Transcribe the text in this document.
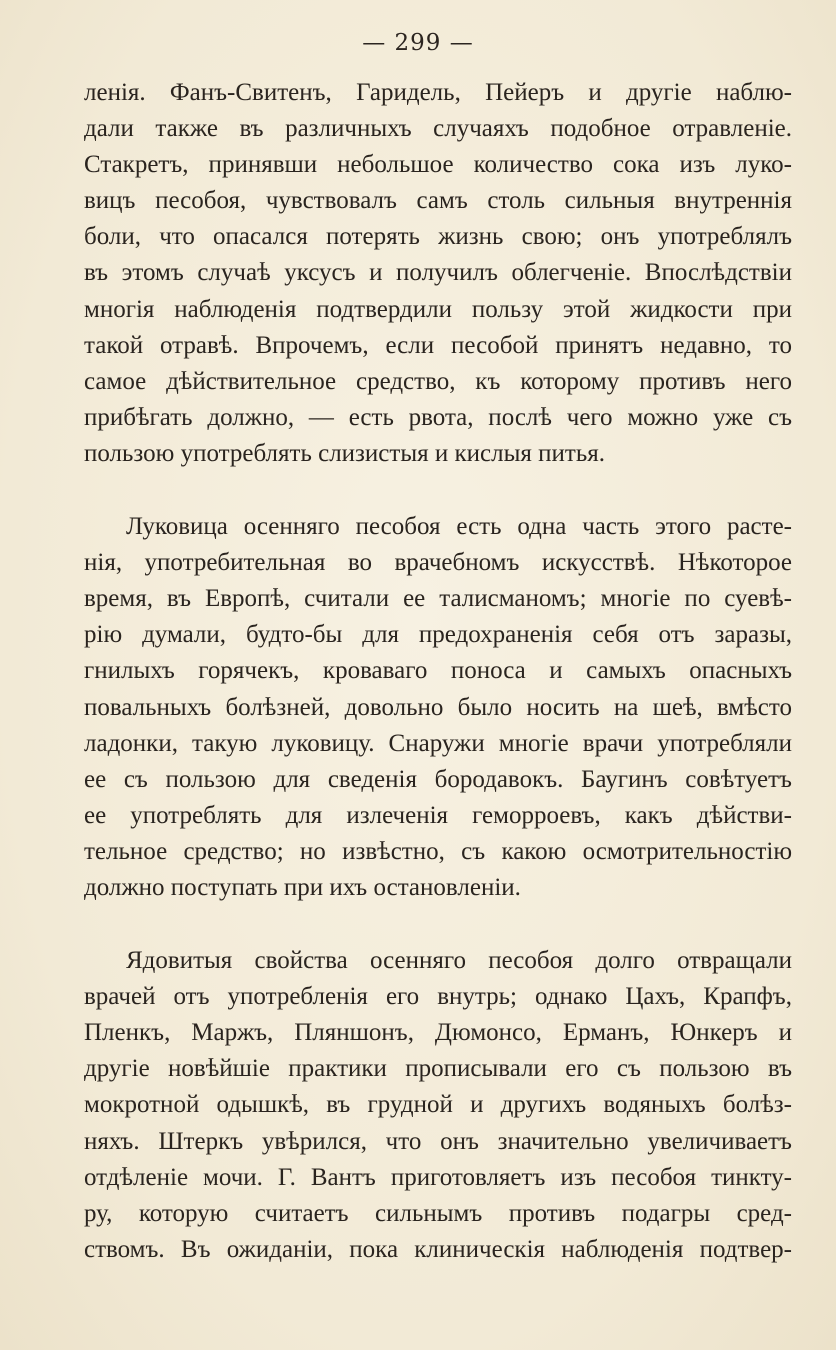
— 299 —
ленія. Фанъ-Свитенъ, Гаридель, Пейеръ и другіе наблю-
дали также въ различныхъ случаяхъ подобное отравленіе.
Стакретъ, принявши небольшое количество сока изъ луко-
вицъ песобоя, чувствовалъ самъ столь сильныя внутреннія
боли, что опасался потерять жизнь свою; онъ употреблялъ
въ этомъ случаѣ уксусъ и получилъ облегченіе. Впослѣдствіи
многія наблюденія подтвердили пользу этой жидкости при
такой отравѣ. Впрочемъ, если песобой принятъ недавно, то
самое дѣйствительное средство, къ которому противъ него
прибѣгать должно, — есть рвота, послѣ чего можно уже съ
пользою употреблять слизистыя и кислыя питья.
Луковица осенняго песобоя есть одна часть этого расте-
нія, употребительная во врачебномъ искусствѣ. Нѣкоторое
время, въ Европѣ, считали ее талисманомъ; многіе по суевѣ-
рію думали, будто-бы для предохраненія себя отъ заразы,
гнилыхъ горячекъ, кроваваго поноса и самыхъ опасныхъ
повальныхъ болѣзней, довольно было носить на шеѣ, вмѣсто
ладонки, такую луковицу. Снаружи многіе врачи употребляли
ее съ пользою для сведенія бородавокъ. Баугинъ совѣтуетъ
ее употреблять для излеченія геморроевъ, какъ дѣйстви-
тельное средство; но извѣстно, съ какою осмотрительностію
должно поступать при ихъ остановленіи.
Ядовитыя свойства осенняго песобоя долго отвращали
врачей отъ употребленія его внутрь; однако Цахъ, Крапфъ,
Пленкъ, Маржъ, Пляншонъ, Дюмонсо, Ерманъ, Юнкеръ и
другіе новѣйшіе практики прописывали его съ пользою въ
мокротной одышкѣ, въ грудной и другихъ водяныхъ болѣз-
няхъ. Штеркъ увѣрился, что онъ значительно увеличиваетъ
отдѣленіе мочи. Г. Вантъ приготовляетъ изъ песобоя тинкту-
ру, которую считаетъ сильнымъ противъ подагры сред-
ствомъ. Въ ожиданіи, пока клиническія наблюденія подтвер-
